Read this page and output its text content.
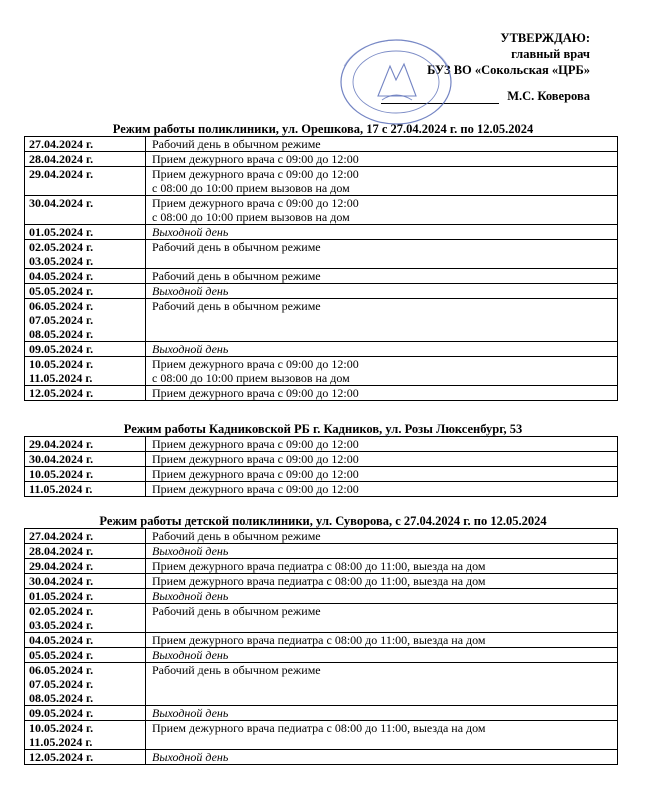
УТВЕРЖДАЮ:
главный врач
БУЗ ВО «Сокольская «ЦРБ»
М.С. Коверова
Режим работы поликлиники, ул. Орешкова, 17 с 27.04.2024 г. по 12.05.2024
27.04.2024 г.	Рабочий день в обычном режиме

28.04.2024 г.	Прием дежурного врача с 09:00 до 12:00

29.04.2024 г.	Прием дежурного врача с 09:00 до 12:00
с 08:00 до 10:00 прием вызовов на дом

30.04.2024 г.	Прием дежурного врача с 09:00 до 12:00
с 08:00 до 10:00 прием вызовов на дом

01.05.2024 г.	Выходной день

02.05.2024 г.
03.05.2024 г.	Рабочий день в обычном режиме

04.05.2024 г.	Рабочий день в обычном режиме

05.05.2024 г.	Выходной день

06.05.2024 г.
07.05.2024 г.
08.05.2024 г.	Рабочий день в обычном режиме

09.05.2024 г.	Выходной день

10.05.2024 г.
11.05.2024 г.	Прием дежурного врача с 09:00 до 12:00
с 08:00 до 10:00 прием вызовов на дом

12.05.2024 г.	Прием дежурного врача с 09:00 до 12:00
Режим работы Кадниковской РБ г. Кадников, ул. Розы Люксенбург, 53
29.04.2024 г.	Прием дежурного врача с 09:00 до 12:00

30.04.2024 г.	Прием дежурного врача с 09:00 до 12:00

10.05.2024 г.	Прием дежурного врача с 09:00 до 12:00

11.05.2024 г.	Прием дежурного врача с 09:00 до 12:00
Режим работы детской поликлиники, ул. Суворова, с 27.04.2024 г. по 12.05.2024
27.04.2024 г.	Рабочий день в обычном режиме

28.04.2024 г.	Выходной день

29.04.2024 г.	Прием дежурного врача педиатра с 08:00 до 11:00, выезда на дом

30.04.2024 г.	Прием дежурного врача педиатра с 08:00 до 11:00, выезда на дом

01.05.2024 г.	Выходной день

02.05.2024 г.
03.05.2024 г.	Рабочий день в обычном режиме

04.05.2024 г.	Прием дежурного врача педиатра с 08:00 до 11:00, выезда на дом

05.05.2024 г.	Выходной день

06.05.2024 г.
07.05.2024 г.
08.05.2024 г.	Рабочий день в обычном режиме

09.05.2024 г.	Выходной день

10.05.2024 г.
11.05.2024 г.	Прием дежурного врача педиатра с 08:00 до 11:00, выезда на дом

12.05.2024 г.	Выходной день
